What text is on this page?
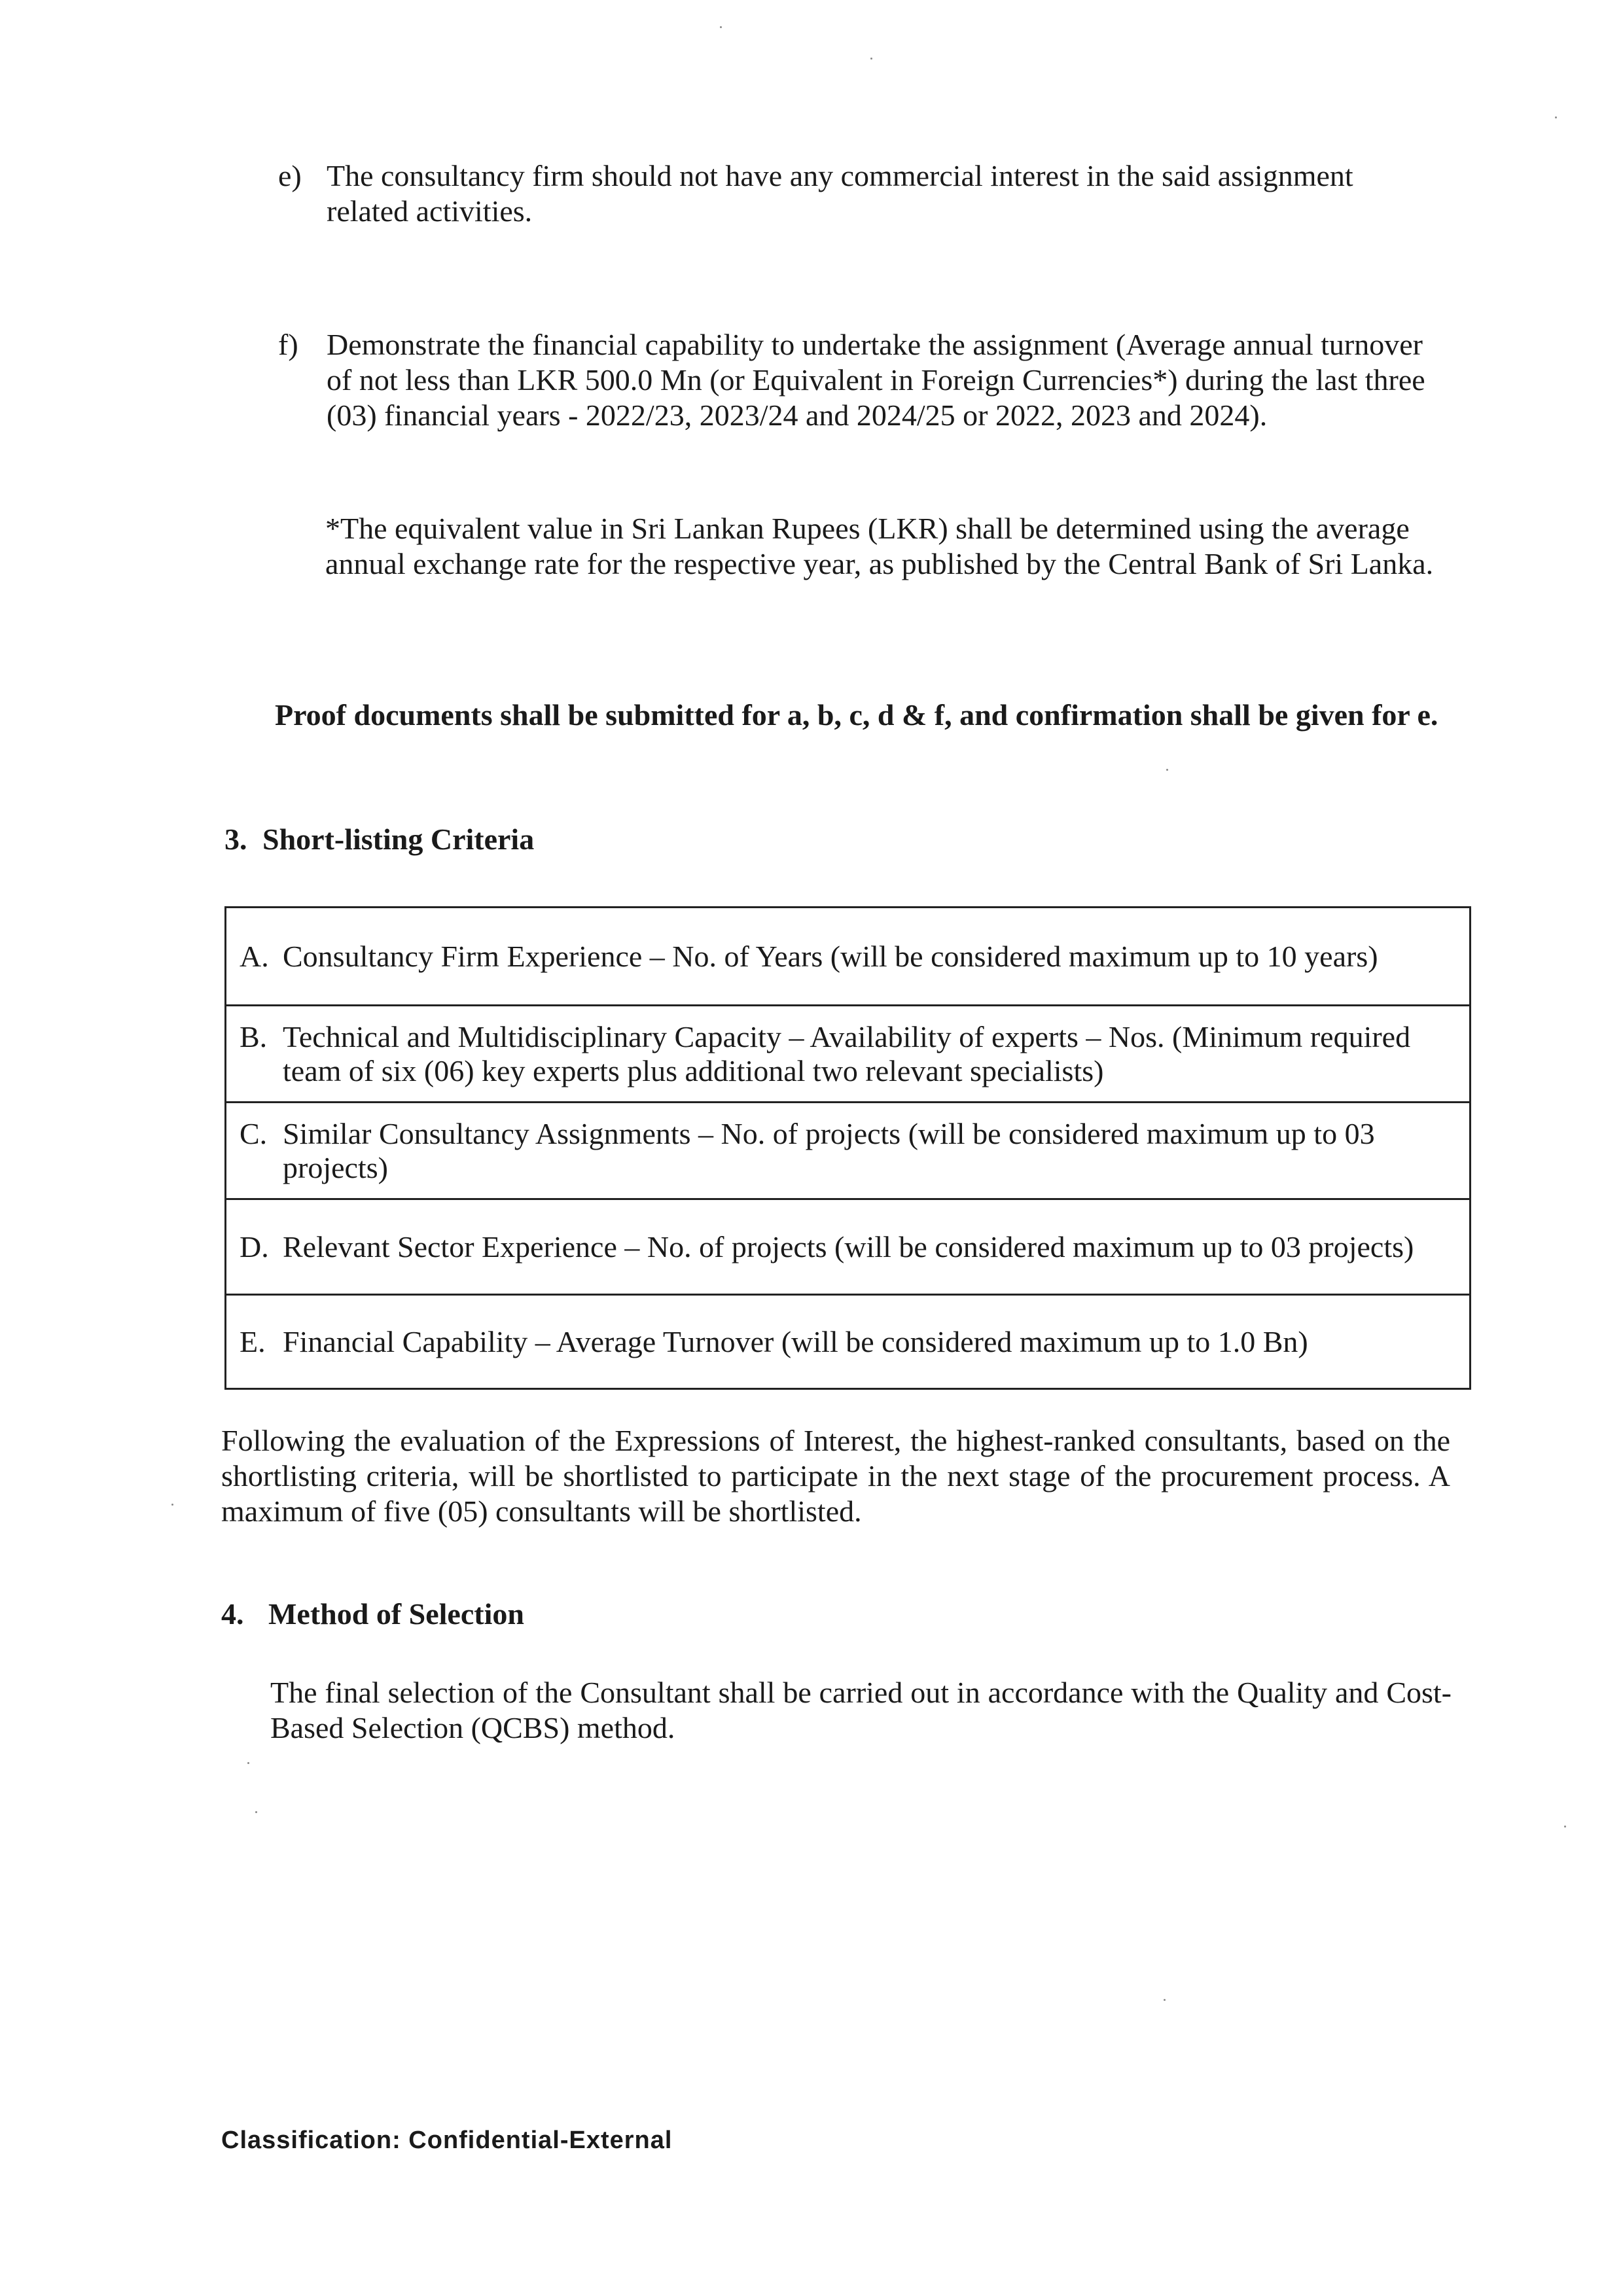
e) The consultancy firm should not have any commercial interest in the said assignment related activities.
f) Demonstrate the financial capability to undertake the assignment (Average annual turnover of not less than LKR 500.0 Mn (or Equivalent in Foreign Currencies*) during the last three (03) financial years - 2022/23, 2023/24 and 2024/25 or 2022, 2023 and 2024).
*The equivalent value in Sri Lankan Rupees (LKR) shall be determined using the average annual exchange rate for the respective year, as published by the Central Bank of Sri Lanka.
Proof documents shall be submitted for a, b, c, d & f, and confirmation shall be given for e.
3. Short-listing Criteria
A. Consultancy Firm Experience – No. of Years (will be considered maximum up to 10 years)

B. Technical and Multidisciplinary Capacity – Availability of experts – Nos. (Minimum required team of six (06) key experts plus additional two relevant specialists)

C. Similar Consultancy Assignments – No. of projects (will be considered maximum up to 03 projects)

D. Relevant Sector Experience – No. of projects (will be considered maximum up to 03 projects)

E. Financial Capability – Average Turnover (will be considered maximum up to 1.0 Bn)
Following the evaluation of the Expressions of Interest, the highest-ranked consultants, based on the shortlisting criteria, will be shortlisted to participate in the next stage of the procurement process. A maximum of five (05) consultants will be shortlisted.
4. Method of Selection
The final selection of the Consultant shall be carried out in accordance with the Quality and Cost-Based Selection (QCBS) method.
Classification: Confidential-External
